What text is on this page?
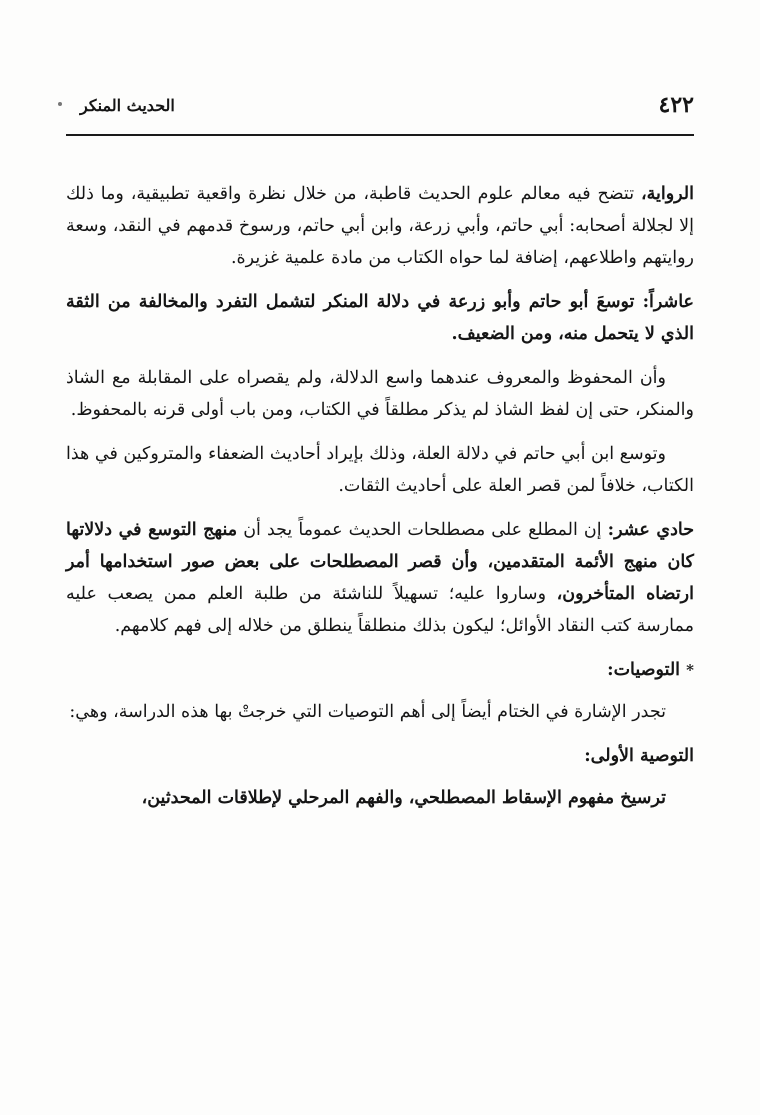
٤٢٢
الحديث المنكر

الرواية، تتضح فيه معالم علوم الحديث قاطبة، من خلال نظرة واقعية تطبيقية، وما ذلك إلا لجلالة أصحابه: أبي حاتم، وأبي زرعة، وابن أبي حاتم، ورسوخ قدمهم في النقد، وسعة روايتهم واطلاعهم، إضافة لما حواه الكتاب من مادة علمية غزيرة.

عاشراً: توسعَ أبو حاتم وأبو زرعة في دلالة المنكر لتشمل التفرد والمخالفة من الثقة الذي لا يتحمل منه، ومن الضعيف.

وأن المحفوظ والمعروف عندهما واسع الدلالة، ولم يقصراه على المقابلة مع الشاذ والمنكر، حتى إن لفظ الشاذ لم يذكر مطلقاً في الكتاب، ومن باب أولى قرنه بالمحفوظ.

وتوسع ابن أبي حاتم في دلالة العلة، وذلك بإيراد أحاديث الضعفاء والمتروكين في هذا الكتاب، خلافاً لمن قصر العلة على أحاديث الثقات.

حادي عشر: إن المطلع على مصطلحات الحديث عموماً يجد أن منهج التوسع في دلالاتها كان منهج الأئمة المتقدمين، وأن قصر المصطلحات على بعض صور استخدامها أمر ارتضاه المتأخرون، وساروا عليه؛ تسهيلاً للناشئة من طلبة العلم ممن يصعب عليه ممارسة كتب النقاد الأوائل؛ ليكون بذلك منطلقاً ينطلق من خلاله إلى فهم كلامهم.

* التوصيات:

تجدر الإشارة في الختام أيضاً إلى أهم التوصيات التي خرجتْ بها هذه الدراسة، وهي:

التوصية الأولى:

ترسيخ مفهوم الإسقاط المصطلحي، والفهم المرحلي لإطلاقات المحدثين،
